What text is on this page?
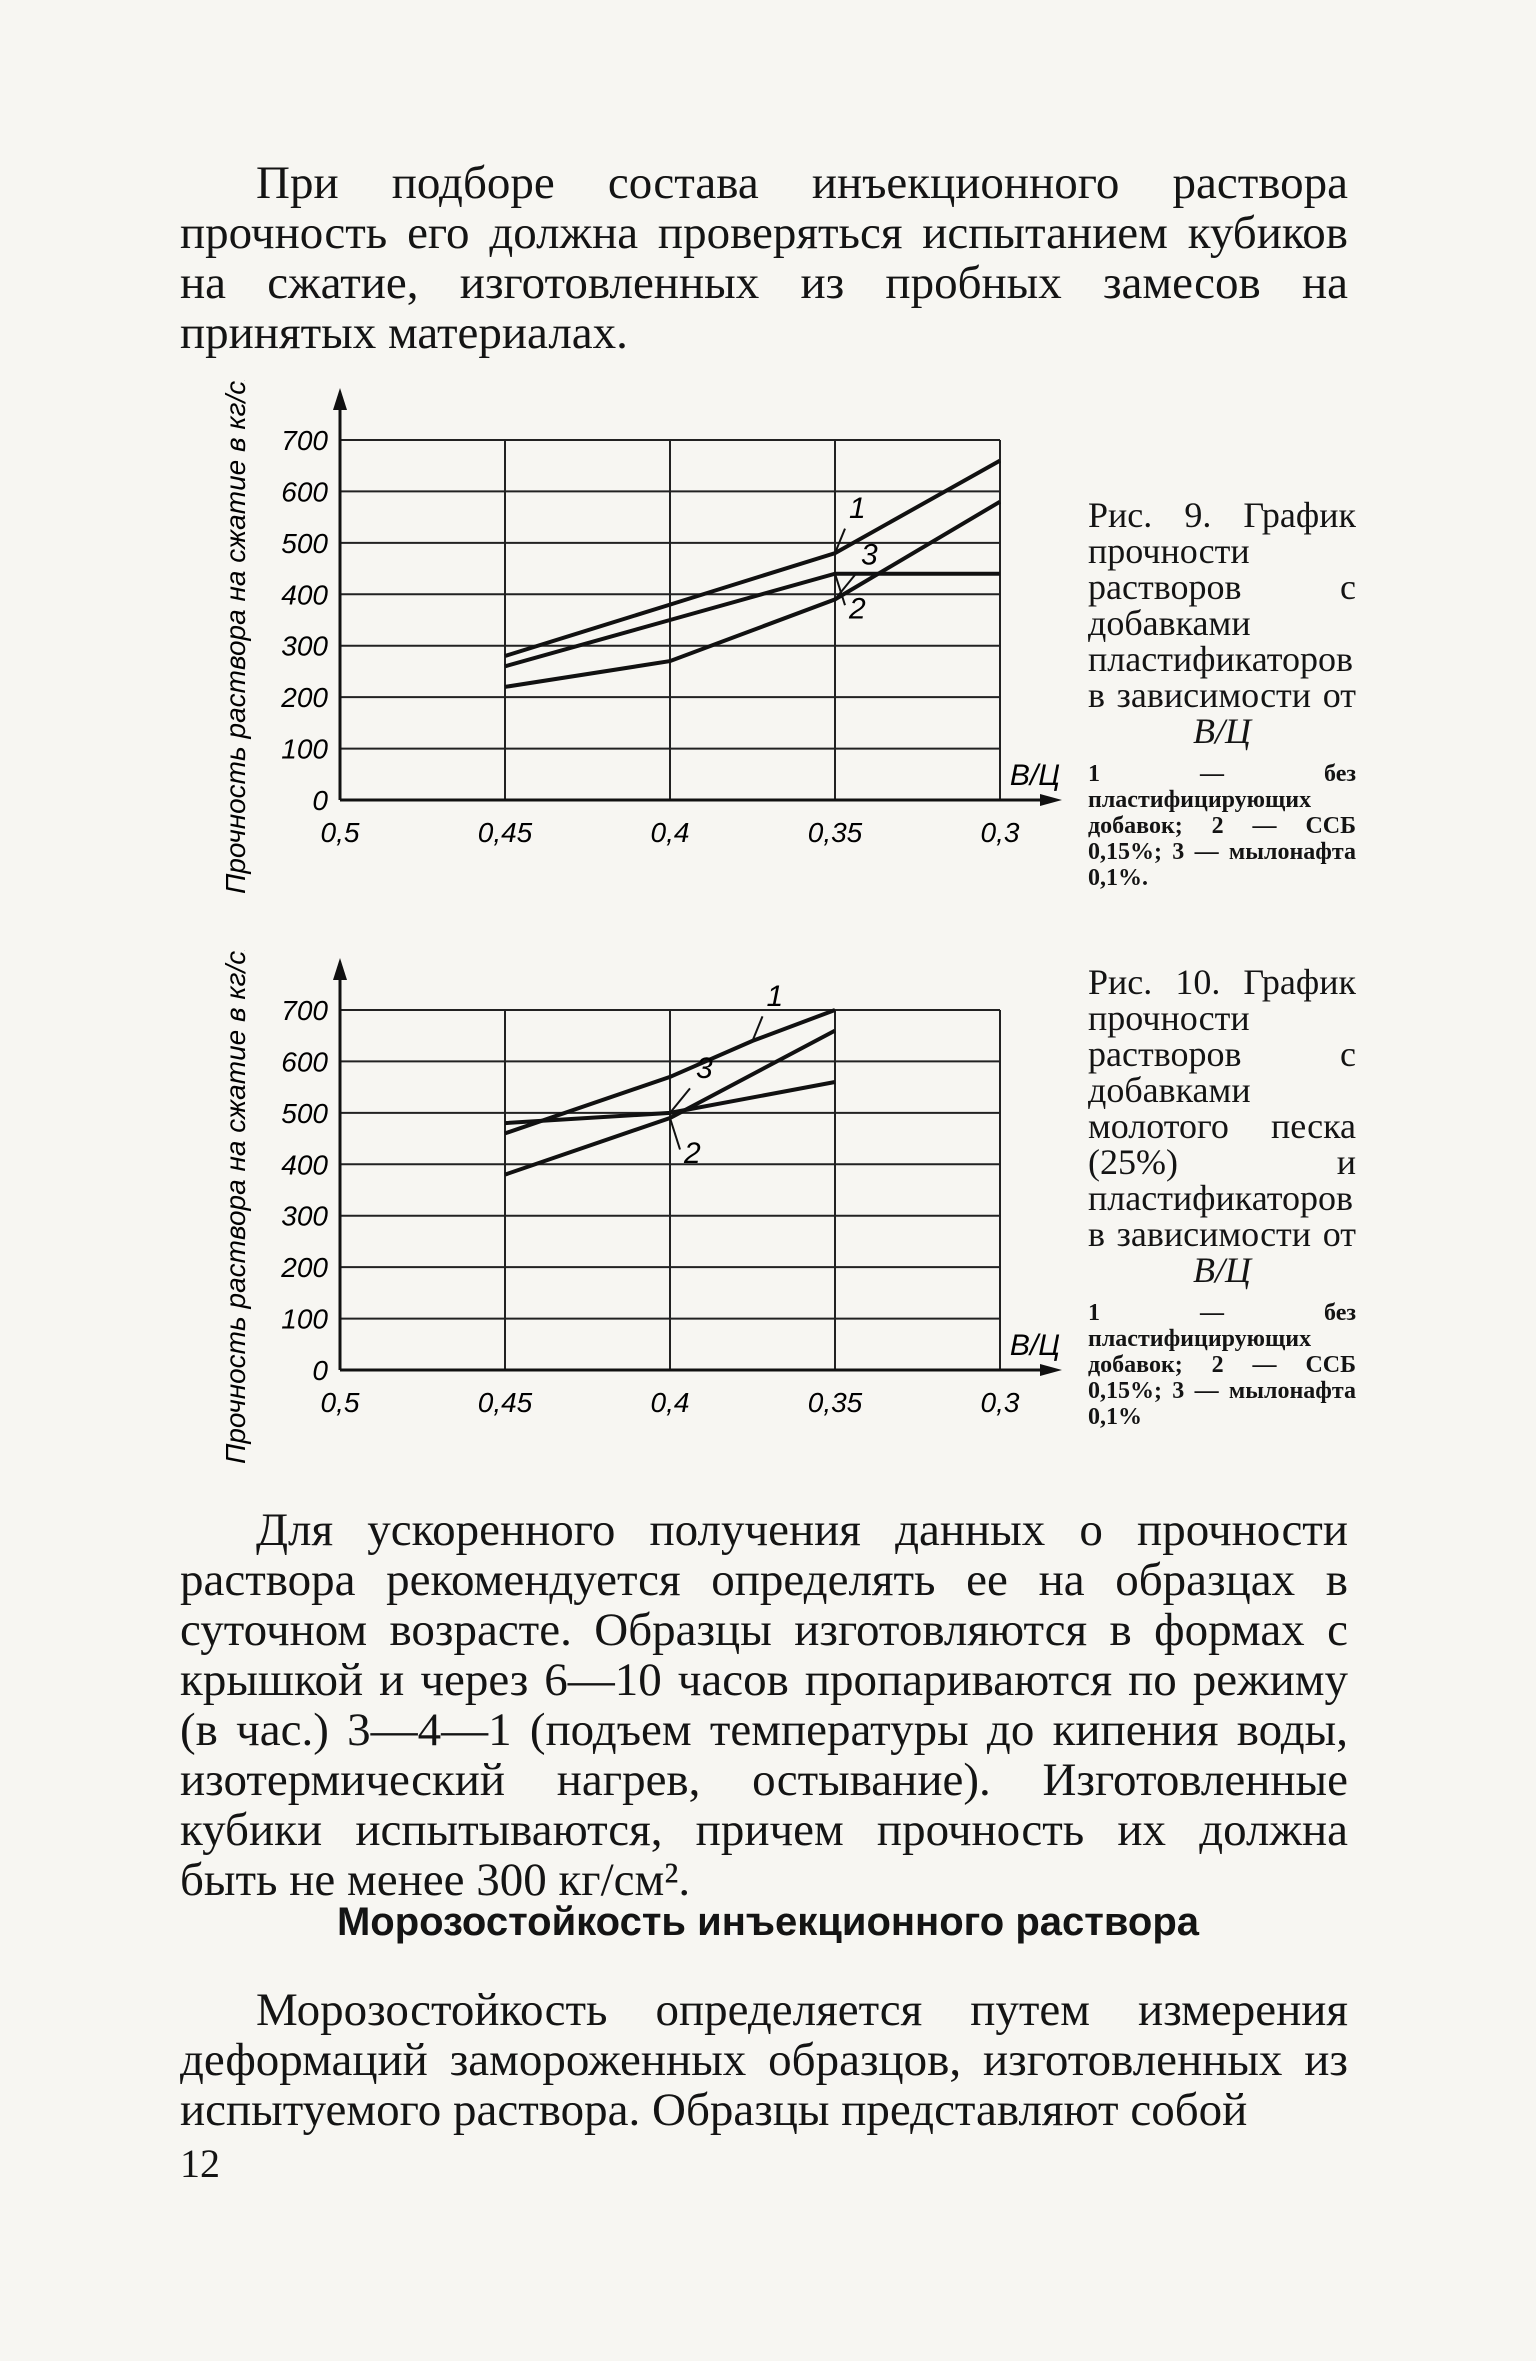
При подборе состава инъекционного раствора прочность его должна проверяться испытанием кубиков на сжатие, изготовленных из пробных замесов на принятых материалах.

0
100
200
300
400
500
600
700
0,5	0,45	0,4	0,35	0,3
В/Ц
Прочность раствора на сжатие в кг/см2	1
2
3
Рис. 9. График прочности растворов с добавками пластификаторов в зависимости от
В/Ц
1 — без пластифицирующих добавок; 2 — ССБ 0,15%; 3 — мылонафта 0,1%.
0
100
200
300
400
500
600
700
0,5	0,45	0,4	0,35	0,3
В/Ц
Прочность раствора на сжатие в кг/см2	1
2
3
Рис. 10. График прочности растворов с добавками молотого песка (25%) и пластификаторов в зависимости от
В/Ц
1 — без пластифицирующих добавок; 2 — ССБ 0,15%; 3 — мылонафта 0,1%

Для ускоренного получения данных о прочности раствора рекомендуется определять ее на образцах в суточном возрасте. Образцы изготовляются в формах с крышкой и через 6—10 часов пропариваются по режиму (в час.) 3—4—1 (подъем температуры до кипения воды, изотермический нагрев, остывание). Изготовленные кубики испытываются, причем прочность их должна быть не менее 300 кг/см².

Морозостойкость инъекционного раствора

Морозостойкость определяется путем измерения деформаций замороженных образцов, изготовленных из испытуемого раствора. Образцы представляют собой

12
